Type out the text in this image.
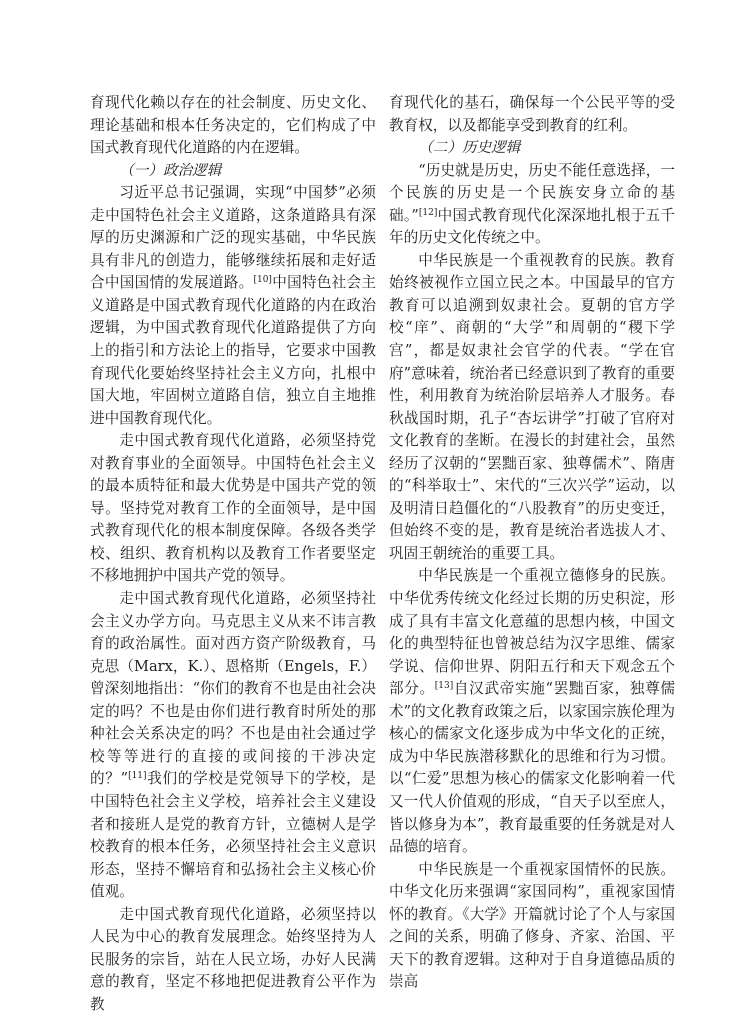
育现代化赖以存在的社会制度、历史文化、理论基础和根本任务决定的，它们构成了中国式教育现代化道路的内在逻辑。

（一）政治逻辑

习近平总书记强调，实现“中国梦”必须走中国特色社会主义道路，这条道路具有深厚的历史渊源和广泛的现实基础，中华民族具有非凡的创造力，能够继续拓展和走好适合中国国情的发展道路。[10]中国特色社会主义道路是中国式教育现代化道路的内在政治逻辑，为中国式教育现代化道路提供了方向上的指引和方法论上的指导，它要求中国教育现代化要始终坚持社会主义方向，扎根中国大地，牢固树立道路自信，独立自主地推进中国教育现代化。

走中国式教育现代化道路，必须坚持党对教育事业的全面领导。中国特色社会主义的最本质特征和最大优势是中国共产党的领导。坚持党对教育工作的全面领导，是中国式教育现代化的根本制度保障。各级各类学校、组织、教育机构以及教育工作者要坚定不移地拥护中国共产党的领导。

走中国式教育现代化道路，必须坚持社会主义办学方向。马克思主义从来不讳言教育的政治属性。面对西方资产阶级教育，马克思（Marx，K.）、恩格斯（Engels，F.）曾深刻地指出：“你们的教育不也是由社会决定的吗？不也是由你们进行教育时所处的那种社会关系决定的吗？不也是由社会通过学校等等进行的直接的或间接的干涉决定的？”[11]我们的学校是党领导下的学校，是中国特色社会主义学校，培养社会主义建设者和接班人是党的教育方针，立德树人是学校教育的根本任务，必须坚持社会主义意识形态，坚持不懈培育和弘扬社会主义核心价值观。

走中国式教育现代化道路，必须坚持以人民为中心的教育发展理念。始终坚持为人民服务的宗旨，站在人民立场，办好人民满意的教育，坚定不移地把促进教育公平作为教

育现代化的基石，确保每一个公民平等的受教育权，以及都能享受到教育的红利。

（二）历史逻辑

“历史就是历史，历史不能任意选择，一个民族的历史是一个民族安身立命的基础。”[12]中国式教育现代化深深地扎根于五千年的历史文化传统之中。

中华民族是一个重视教育的民族。教育始终被视作立国立民之本。中国最早的官方教育可以追溯到奴隶社会。夏朝的官方学校“庠”、商朝的“大学”和周朝的“稷下学宫”，都是奴隶社会官学的代表。“学在官府”意味着，统治者已经意识到了教育的重要性，利用教育为统治阶层培养人才服务。春秋战国时期，孔子“杏坛讲学”打破了官府对文化教育的垄断。在漫长的封建社会，虽然经历了汉朝的“罢黜百家、独尊儒术”、隋唐的“科举取士”、宋代的“三次兴学”运动，以及明清日趋僵化的“八股教育”的历史变迁，但始终不变的是，教育是统治者选拔人才、巩固王朝统治的重要工具。

中华民族是一个重视立德修身的民族。中华优秀传统文化经过长期的历史积淀，形成了具有丰富文化意蕴的思想内核，中国文化的典型特征也曾被总结为汉字思维、儒家学说、信仰世界、阴阳五行和天下观念五个部分。[13]自汉武帝实施“罢黜百家，独尊儒术”的文化教育政策之后，以家国宗族伦理为核心的儒家文化逐步成为中华文化的正统，成为中华民族潜移默化的思维和行为习惯。以“仁爱”思想为核心的儒家文化影响着一代又一代人价值观的形成，“自天子以至庶人，皆以修身为本”，教育最重要的任务就是对人品德的培育。

中华民族是一个重视家国情怀的民族。中华文化历来强调“家国同构”，重视家国情怀的教育。《大学》开篇就讨论了个人与家国之间的关系，明确了修身、齐家、治国、平天下的教育逻辑。这种对于自身道德品质的崇高
